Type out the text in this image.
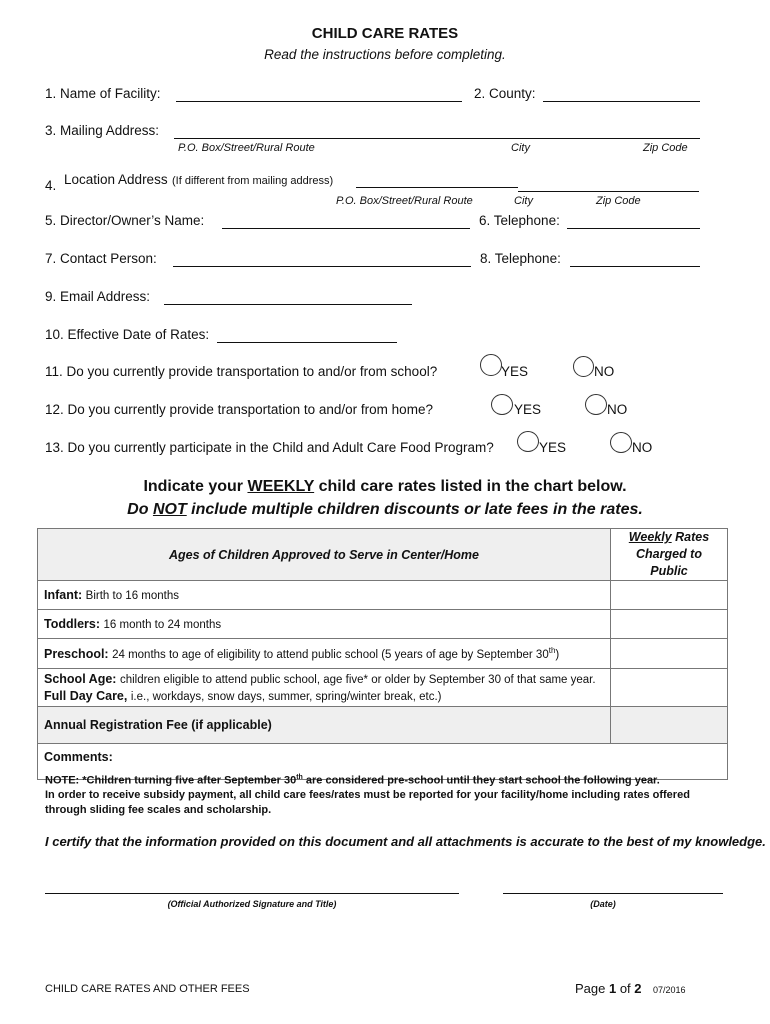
CHILD CARE RATES
Read the instructions before completing.
1. Name of Facility:	2. County:
3. Mailing Address:
P.O. Box/Street/Rural Route	City	Zip Code
4. Location Address (If different from mailing address)
P.O. Box/Street/Rural Route	City	Zip Code
5. Director/Owner’s Name:	6. Telephone:
7. Contact Person:	8. Telephone:
9. Email Address:
10. Effective Date of Rates:
11. Do you currently provide transportation to and/or from school?	YES	NO
12. Do you currently provide transportation to and/or from home?	YES	NO
13. Do you currently participate in the Child and Adult Care Food Program?	YES	NO
Indicate your WEEKLY child care rates listed in the chart below.
Do NOT include multiple children discounts or late fees in the rates.
Ages of Children Approved to Serve in Center/Home	Weekly Rates
Charged to Public
Infant: Birth to 16 months	
Toddlers: 16 month to 24 months	
Preschool: 24 months to age of eligibility to attend public school (5 years of age by September 30th)	
School Age: children eligible to attend public school, age five* or older by September 30 of that same year.
Full Day Care, i.e., workdays, snow days, summer, spring/winter break, etc.)	
Annual Registration Fee (if applicable)	
Comments:	
NOTE: *Children turning five after September 30th are considered pre-school until they start school the following year.
In order to receive subsidy payment, all child care fees/rates must be reported for your facility/home including rates offered
through sliding fee scales and scholarship.
I certify that the information provided on this document and all attachments is accurate to the best of my knowledge.
(Official Authorized Signature and Title)	(Date)
CHILD CARE RATES AND OTHER FEES	Page 1 of 2 07/2016
